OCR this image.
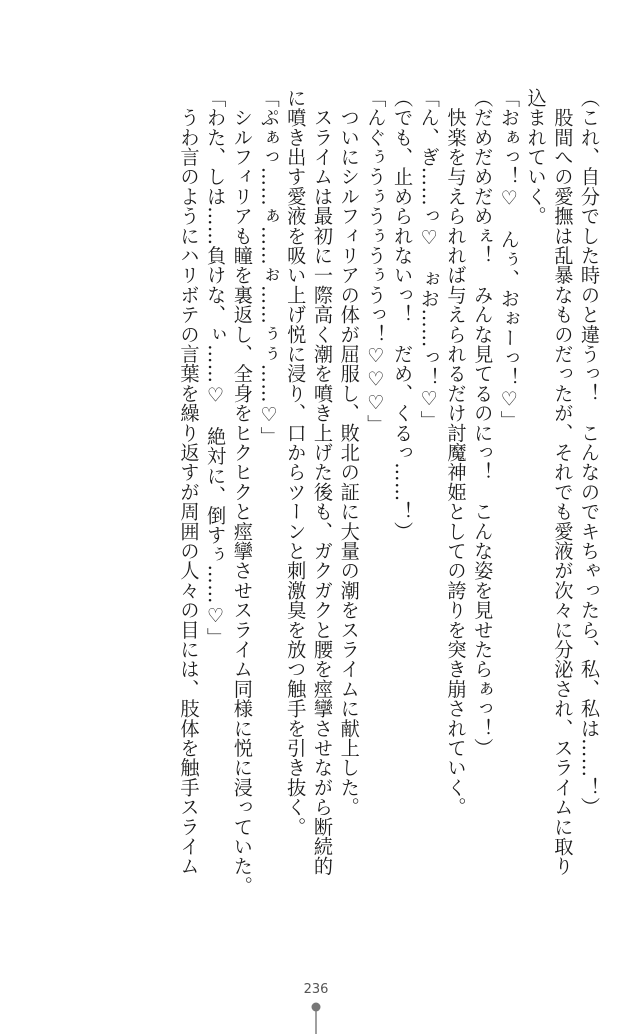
（これ、自分でした時のと違うっ！　こんなのでキちゃったら、私、私は……！）
　股間への愛撫は乱暴なものだったが、それでも愛液が次々に分泌され、スライムに取り
込まれていく。
「おぁっ！♡　んぅ、おぉーっ！♡」
（だめだめだめぇ！　みんな見てるのにっ！　こんな姿を見せたらぁっ！）
　快楽を与えられれば与えられるだけ討魔神姫としての誇りを突き崩されていく。
「ん、ぎ……っ♡　ぉお……っ！♡」
（でも、止められないっ！　だめ、くるっ……！）
「んぐぅうぅうぅうぅうっ！♡♡♡」
　ついにシルフィリアの体が屈服し、敗北の証に大量の潮をスライムに献上した。
　スライムは最初に一際高く潮を噴き上げた後も、ガクガクと腰を痙攣させながら断続的
に噴き出す愛液を吸い上げ悦に浸り、口からツーンと刺激臭を放つ触手を引き抜く。
「ぷぁっ……ぁ……ぉ……ぅぅ……♡」
　シルフィリアも瞳を裏返し、全身をヒクヒクと痙攣させスライム同様に悦に浸っていた。
「わた、しは……負けな、ぃ……♡　絶対に、倒すぅ……♡」
　うわ言のようにハリボテの言葉を繰り返すが周囲の人々の目には、肢体を触手スライム
236
